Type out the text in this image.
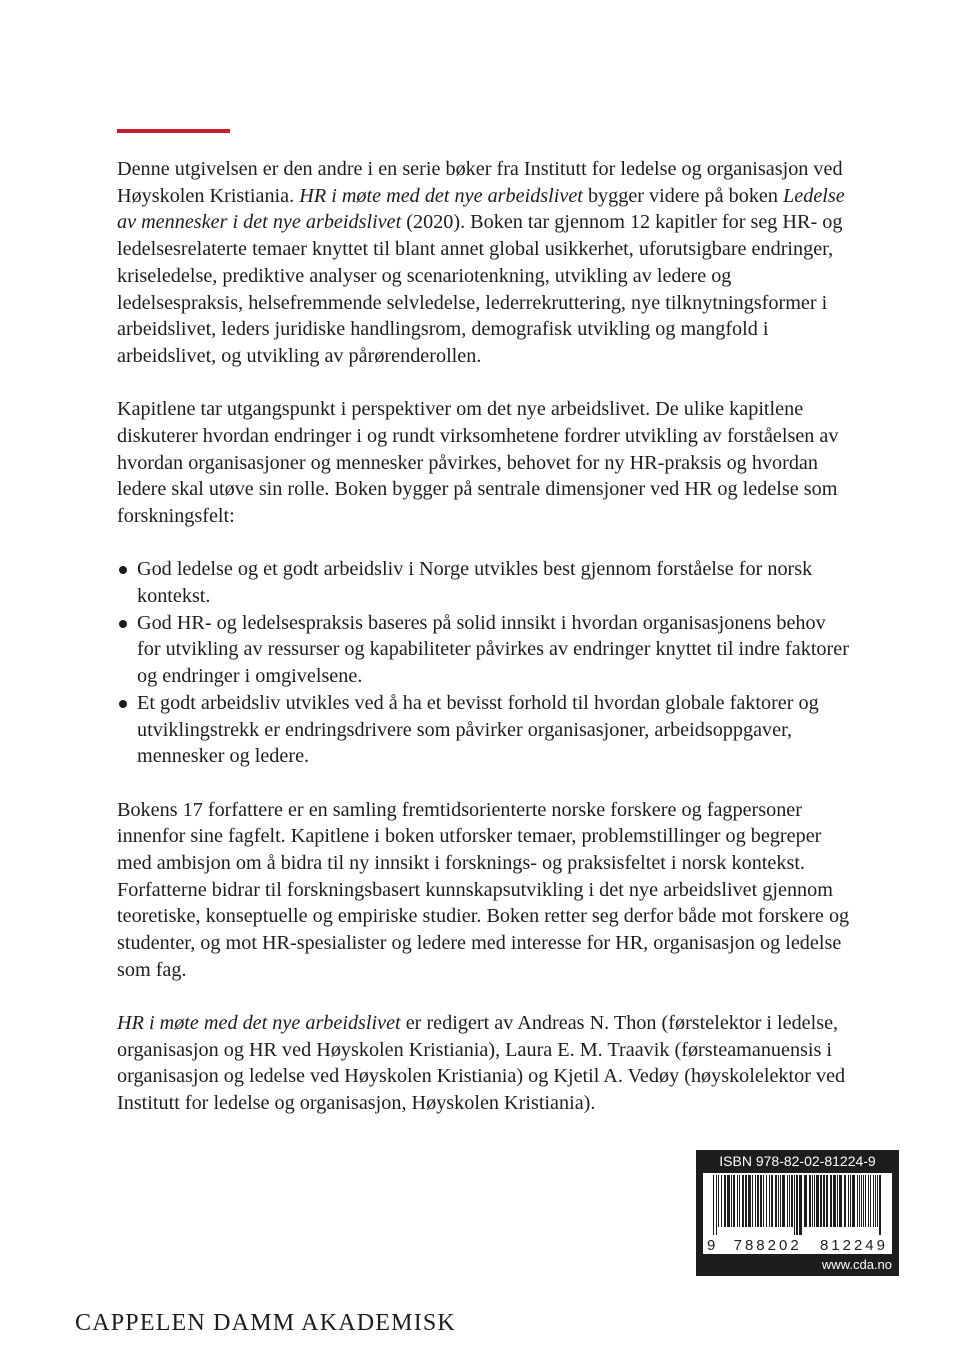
Denne utgivelsen er den andre i en serie bøker fra Institutt for ledelse og organisasjon ved Høyskolen Kristiania. HR i møte med det nye arbeidslivet bygger videre på boken Ledelse av mennesker i det nye arbeidslivet (2020). Boken tar gjennom 12 kapitler for seg HR- og ledelsesrelaterte temaer knyttet til blant annet global usikkerhet, uforutsigbare endringer, kriseledelse, prediktive analyser og scenariotenkning, utvikling av ledere og ledelsespraksis, helsefremmende selvledelse, lederrekruttering, nye tilknytningsformer i arbeidslivet, leders juridiske handlingsrom, demografisk utvikling og mangfold i arbeidslivet, og utvikling av pårørenderollen.

Kapitlene tar utgangspunkt i perspektiver om det nye arbeidslivet. De ulike kapitlene diskuterer hvordan endringer i og rundt virksomhetene fordrer utvikling av forståelsen av hvordan organisasjoner og mennesker påvirkes, behovet for ny HR-praksis og hvordan ledere skal utøve sin rolle. Boken bygger på sentrale dimensjoner ved HR og ledelse som forskningsfelt:

God ledelse og et godt arbeidsliv i Norge utvikles best gjennom forståelse for norsk kontekst.
God HR- og ledelsespraksis baseres på solid innsikt i hvordan organisasjonens behov for utvikling av ressurser og kapabiliteter påvirkes av endringer knyttet til indre faktorer og endringer i omgivelsene.
Et godt arbeidsliv utvikles ved å ha et bevisst forhold til hvordan globale faktorer og utviklingstrekk er endringsdrivere som påvirker organisasjoner, arbeidsoppgaver, mennesker og ledere.

Bokens 17 forfattere er en samling fremtidsorienterte norske forskere og fagpersoner innenfor sine fagfelt. Kapitlene i boken utforsker temaer, problemstillinger og begreper med ambisjon om å bidra til ny innsikt i forsknings- og praksisfeltet i norsk kontekst. Forfatterne bidrar til forskningsbasert kunnskapsutvikling i det nye arbeidslivet gjennom teoretiske, konseptuelle og empiriske studier. Boken retter seg derfor både mot forskere og studenter, og mot HR-spesialister og ledere med interesse for HR, organisasjon og ledelse som fag.

HR i møte med det nye arbeidslivet er redigert av Andreas N. Thon (førstelektor i ledelse, organisasjon og HR ved Høyskolen Kristiania), Laura E. M. Traavik (førsteamanuensis i organisasjon og ledelse ved Høyskolen Kristiania) og Kjetil A. Vedøy (høyskolelektor ved Institutt for ledelse og organisasjon, Høyskolen Kristiania).

ISBN 978-82-02-81224-9
9 788202 812249
www.cda.no
CAPPELEN DAMM AKADEMISK
